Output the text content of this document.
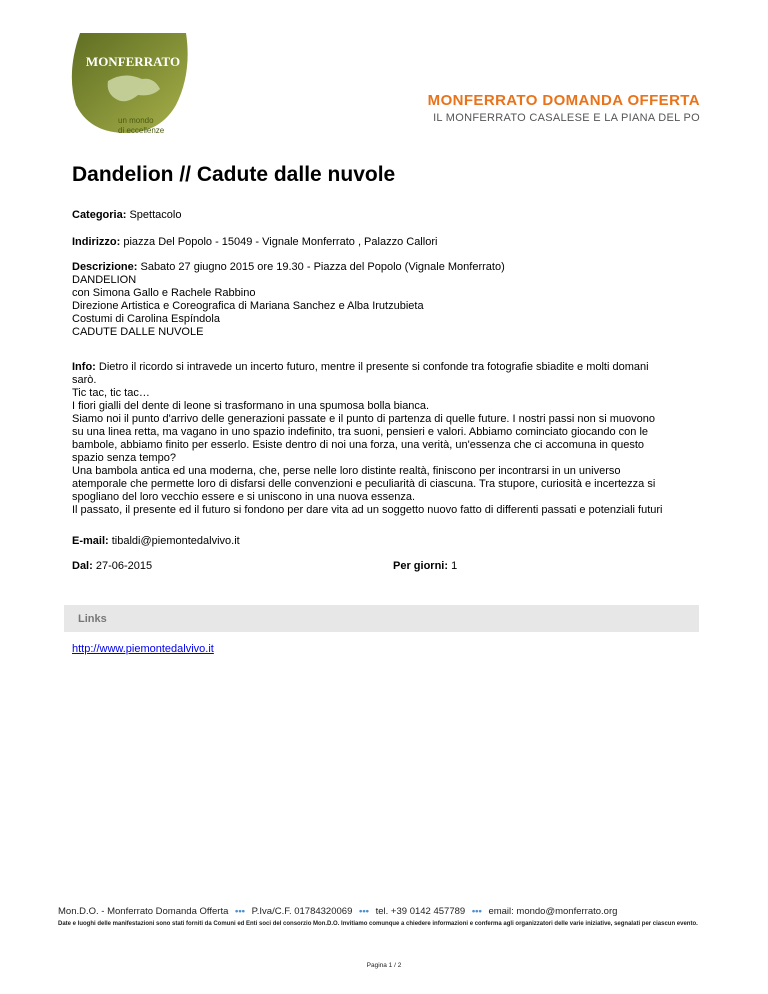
MONFERRATO
un mondo
di eccellenze
MONFERRATO DOMANDA OFFERTA
IL MONFERRATO CASALESE E LA PIANA DEL PO
Dandelion // Cadute dalle nuvole

Categoria: Spettacolo

Indirizzo: piazza Del Popolo - 15049 - Vignale Monferrato , Palazzo Callori

Descrizione: Sabato 27 giugno 2015 ore 19.30 - Piazza del Popolo (Vignale Monferrato)
DANDELION
con Simona Gallo e Rachele Rabbino
Direzione Artistica e Coreografica di Mariana Sanchez e Alba Irutzubieta
Costumi di Carolina Espíndola
CADUTE DALLE NUVOLE
Info: Dietro il ricordo si intravede un incerto futuro, mentre il presente si confonde tra fotografie sbiadite e molti domani
sarò.
Tic tac, tic tac…
I fiori gialli del dente di leone si trasformano in una spumosa bolla bianca.
Siamo noi il punto d'arrivo delle generazioni passate e il punto di partenza di quelle future. I nostri passi non si muovono
su una linea retta, ma vagano in uno spazio indefinito, tra suoni, pensieri e valori. Abbiamo cominciato giocando con le
bambole, abbiamo finito per esserlo. Esiste dentro di noi una forza, una verità, un'essenza che ci accomuna in questo
spazio senza tempo?
Una bambola antica ed una moderna, che, perse nelle loro distinte realtà, finiscono per incontrarsi in un universo
atemporale che permette loro di disfarsi delle convenzioni e peculiarità di ciascuna. Tra stupore, curiosità e incertezza si
spogliano del loro vecchio essere e si uniscono in una nuova essenza.
Il passato, il presente ed il futuro si fondono per dare vita ad un soggetto nuovo fatto di differenti passati e potenziali futuri

E-mail: tibaldi@piemontedalvivo.it

Dal: 27-06-2015	Per giorni: 1
Links
http://www.piemontedalvivo.it
Mon.D.O. - Monferrato Domanda Offerta ••• P.Iva/C.F. 01784320069 ••• tel. +39 0142 457789 ••• email: mondo@monferrato.org
Date e luoghi delle manifestazioni sono stati forniti da Comuni ed Enti soci del consorzio Mon.D.O. Invitiamo comunque a chiedere informazioni e conferma agli organizzatori delle varie iniziative, segnalati per ciascun evento.
Pagina 1 / 2
